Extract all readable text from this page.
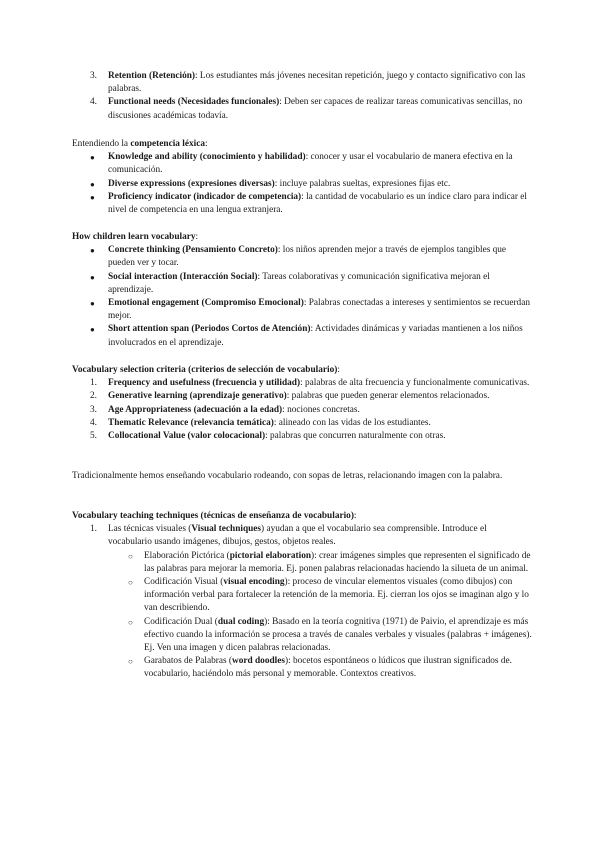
3.	Retention (Retención): Los estudiantes más jóvenes necesitan repetición, juego y contacto significativo con las palabras.
4.	Functional needs (Necesidades funcionales): Deben ser capaces de realizar tareas comunicativas sencillas, no discusiones académicas todavía.

Entendiendo la competencia léxica:

●	Knowledge and ability (conocimiento y habilidad): conocer y usar el vocabulario de manera efectiva en la comunicación.
●	Diverse expressions (expresiones diversas): incluye palabras sueltas, expresiones fijas etc.
●	Proficiency indicator (indicador de competencia): la cantidad de vocabulario es un índice claro para indicar el nivel de competencia en una lengua extranjera.

How children learn vocabulary:

●	Concrete thinking (Pensamiento Concreto): los niños aprenden mejor a través de ejemplos tangibles que pueden ver y tocar.
●	Social interaction (Interacción Social): Tareas colaborativas y comunicación significativa mejoran el aprendizaje.
●	Emotional engagement (Compromiso Emocional): Palabras conectadas a intereses y sentimientos se recuerdan mejor.
●	Short attention span (Periodos Cortos de Atención): Actividades dinámicas y variadas mantienen a los niños involucrados en el aprendizaje.

Vocabulary selection criteria (criterios de selección de vocabulario):

1.	Frequency and usefulness (frecuencia y utilidad): palabras de alta frecuencia y funcionalmente comunicativas.
2.	Generative learning (aprendizaje generativo): palabras que pueden generar elementos relacionados.
3.	Age Appropriateness (adecuación a la edad): nociones concretas.
4.	Thematic Relevance (relevancia temática): alineado con las vidas de los estudiantes.
5.	Collocational Value (valor colocacional): palabras que concurren naturalmente con otras.

Tradicionalmente hemos enseñando vocabulario rodeando, con sopas de letras, relacionando imagen con la palabra.

Vocabulary teaching techniques (técnicas de enseñanza de vocabulario):

1.	Las técnicas visuales (Visual techniques) ayudan a que el vocabulario sea comprensible. Introduce el vocabulario usando imágenes, dibujos, gestos, objetos reales.
○ Elaboración Pictórica (pictorial elaboration): crear imágenes simples que representen el significado de las palabras para mejorar la memoria. Ej. ponen palabras relacionadas haciendo la silueta de un animal.
○ Codificación Visual (visual encoding): proceso de vincular elementos visuales (como dibujos) con información verbal para fortalecer la retención de la memoria. Ej. cierran los ojos se imaginan algo y lo van describiendo.
○ Codificación Dual (dual coding): Basado en la teoría cognitiva (1971) de Paivio, el aprendizaje es más efectivo cuando la información se procesa a través de canales verbales y visuales (palabras + imágenes). Ej. Ven una imagen y dicen palabras relacionadas.
○ Garabatos de Palabras (word doodles): bocetos espontáneos o lúdicos que ilustran significados de. vocabulario, haciéndolo más personal y memorable. Contextos creativos.
